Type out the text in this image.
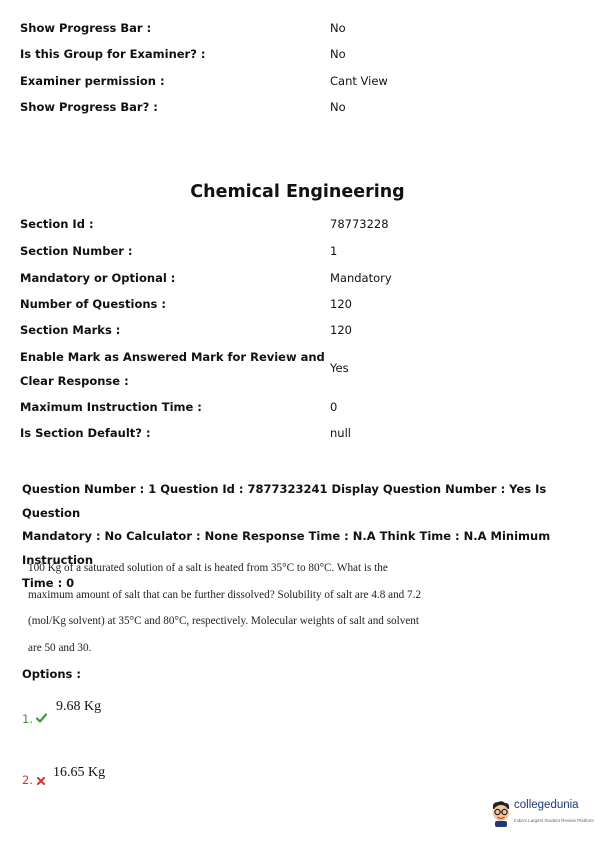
Show Progress Bar :	No
Is this Group for Examiner? :	No
Examiner permission :	Cant View
Show Progress Bar? :	No
Chemical Engineering
Section Id :	78773228
Section Number :	1
Mandatory or Optional :	Mandatory
Number of Questions :	120
Section Marks :	120
Enable Mark as Answered Mark for Review and
Clear Response :
Yes
Maximum Instruction Time :	0
Is Section Default? :	null
Question Number : 1 Question Id : 7877323241 Display Question Number : Yes Is Question
Mandatory : No Calculator : None Response Time : N.A Think Time : N.A Minimum Instruction
Time : 0
100 Kg of a saturated solution of a salt is heated from 35°C to 80°C. What is the
maximum amount of salt that can be further dissolved? Solubility of salt are 4.8 and 7.2
(mol/Kg solvent) at 35°C and 80°C, respectively. Molecular weights of salt and solvent
are 50 and 30.
Options :
1.
9.68 Kg
2. 16.65 Kg
collegedunia
India's Largest Student Review Platform
